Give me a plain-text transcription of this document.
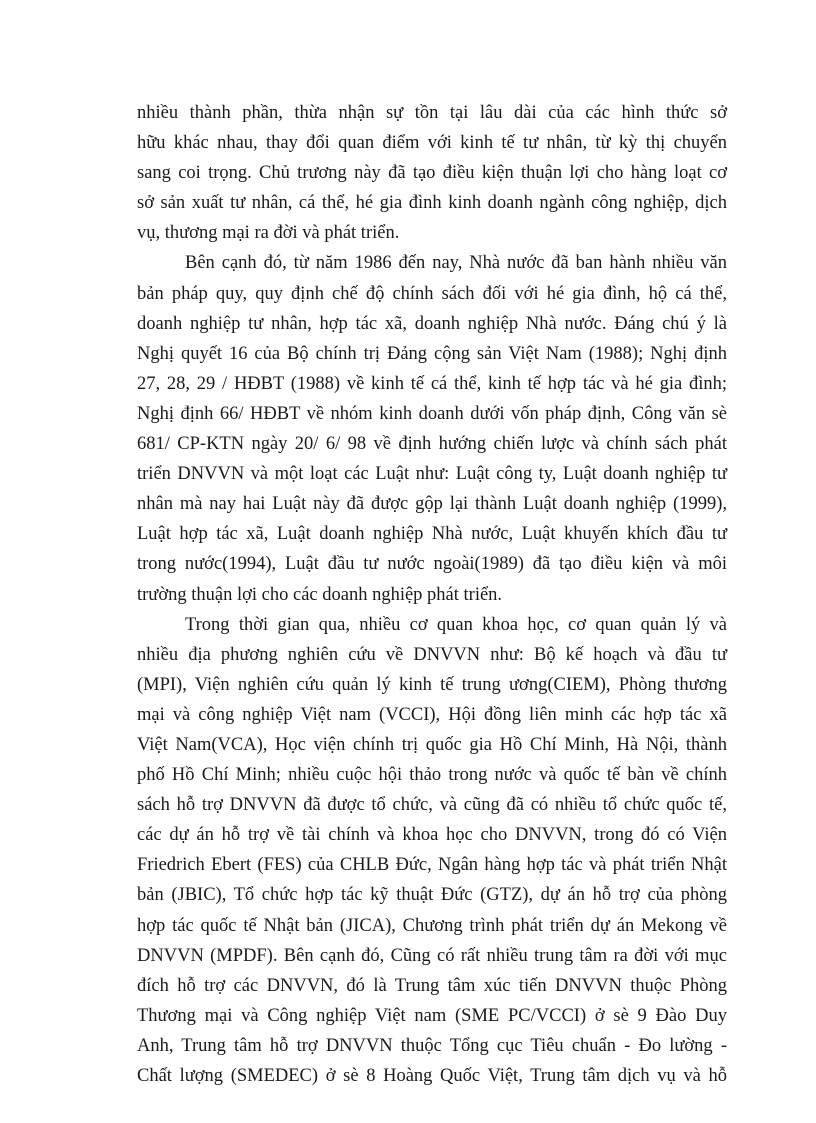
nhiều thành phần, thừa nhận sự tồn tại lâu dài của các hình thức sở
hữu khác nhau, thay đổi quan điểm với kinh tế tư nhân, từ kỳ thị chuyển
sang coi trọng. Chủ trương này đã tạo điều kiện thuận lợi cho hàng loạt cơ
sở sản xuất tư nhân, cá thể, hé gia đình kinh doanh ngành công nghiệp, dịch
vụ, thương mại ra đời và phát triển.
Bên cạnh đó, từ năm 1986 đến nay, Nhà nước đã ban hành nhiều văn
bản pháp quy, quy định chế độ chính sách đối với hé gia đình, hộ cá thể,
doanh nghiệp tư nhân, hợp tác xã, doanh nghiệp Nhà nước. Đáng chú ý là
Nghị quyết 16 của Bộ chính trị Đảng cộng sản Việt Nam (1988); Nghị định
27, 28, 29 / HĐBT (1988) về kinh tế cá thể, kinh tế hợp tác và hé gia đình;
Nghị định 66/ HĐBT về nhóm kinh doanh dưới vốn pháp định, Công văn sè
681/ CP-KTN ngày 20/ 6/ 98 về định hướng chiến lược và chính sách phát
triển DNVVN và một loạt các Luật như: Luật công ty, Luật doanh nghiệp tư
nhân mà nay hai Luật này đã được gộp lại thành Luật doanh nghiệp (1999),
Luật hợp tác xã, Luật doanh nghiệp Nhà nước, Luật khuyến khích đầu tư
trong nước(1994), Luật đầu tư nước ngoài(1989) đã tạo điều kiện và môi
trường thuận lợi cho các doanh nghiệp phát triển.
Trong thời gian qua, nhiều cơ quan khoa học, cơ quan quản lý và
nhiều địa phương nghiên cứu về DNVVN như: Bộ kế hoạch và đầu tư
(MPI), Viện nghiên cứu quản lý kinh tế trung ương(CIEM), Phòng thương
mại và công nghiệp Việt nam (VCCI), Hội đồng liên minh các hợp tác xã
Việt Nam(VCA), Học viện chính trị quốc gia Hồ Chí Minh, Hà Nội, thành
phố Hồ Chí Minh; nhiều cuộc hội thảo trong nước và quốc tế bàn về chính
sách hỗ trợ DNVVN đã được tổ chức, và cũng đã có nhiều tổ chức quốc tế,
các dự án hỗ trợ về tài chính và khoa học cho DNVVN, trong đó có Viện
Friedrich Ebert (FES) của CHLB Đức, Ngân hàng hợp tác và phát triển Nhật
bản (JBIC), Tổ chức hợp tác kỹ thuật Đức (GTZ), dự án hỗ trợ của phòng
hợp tác quốc tế Nhật bản (JICA), Chương trình phát triển dự án Mekong về
DNVVN (MPDF). Bên cạnh đó, Cũng có rất nhiều trung tâm ra đời với mục
đích hỗ trợ các DNVVN, đó là Trung tâm xúc tiến DNVVN thuộc Phòng
Thương mại và Công nghiệp Việt nam (SME PC/VCCI) ở sè 9 Đào Duy
Anh, Trung tâm hỗ trợ DNVVN thuộc Tổng cục Tiêu chuẩn - Đo lường -
Chất lượng (SMEDEC) ở sè 8 Hoàng Quốc Việt, Trung tâm dịch vụ và hỗ
